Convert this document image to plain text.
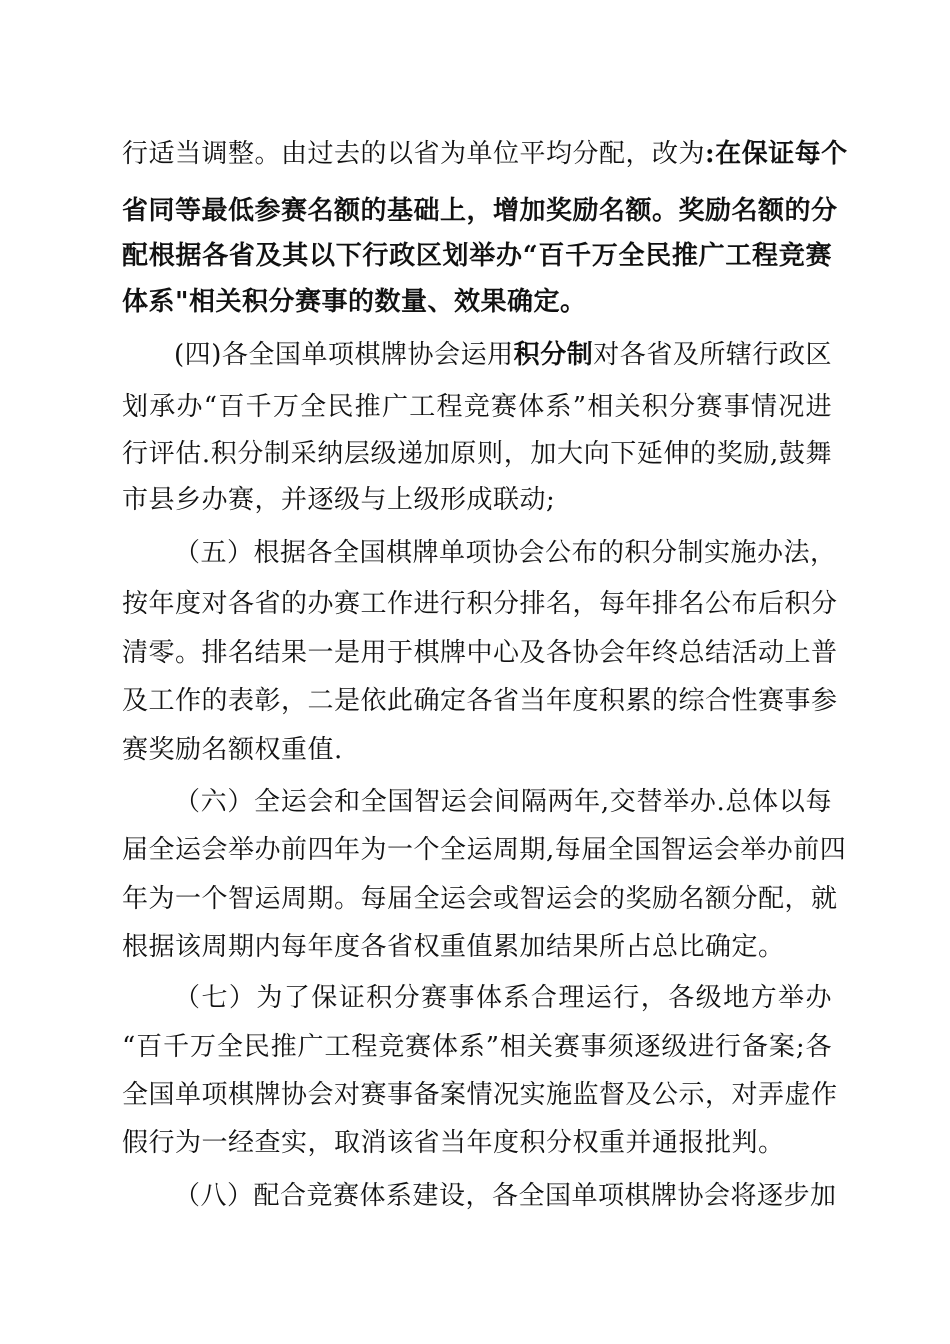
行适当调整。由过去的以省为单位平均分配，改为:在保证每个
省同等最低参赛名额的基础上，增加奖励名额。奖励名额的分
配根据各省及其以下行政区划举办“百千万全民推广工程竞赛
体系"相关积分赛事的数量、效果确定。
(四)各全国单项棋牌协会运用积分制对各省及所辖行政区
划承办“百千万全民推广工程竞赛体系”相关积分赛事情况进
行评估.积分制采纳层级递加原则，加大向下延伸的奖励,鼓舞
市县乡办赛，并逐级与上级形成联动;
（五）根据各全国棋牌单项协会公布的积分制实施办法，
按年度对各省的办赛工作进行积分排名，每年排名公布后积分
清零。排名结果一是用于棋牌中心及各协会年终总结活动上普
及工作的表彰，二是依此确定各省当年度积累的综合性赛事参
赛奖励名额权重值.
（六）全运会和全国智运会间隔两年,交替举办.总体以每
届全运会举办前四年为一个全运周期,每届全国智运会举办前四
年为一个智运周期。每届全运会或智运会的奖励名额分配，就
根据该周期内每年度各省权重值累加结果所占总比确定。
（七）为了保证积分赛事体系合理运行，各级地方举办
“百千万全民推广工程竞赛体系”相关赛事须逐级进行备案;各
全国单项棋牌协会对赛事备案情况实施监督及公示，对弄虚作
假行为一经查实，取消该省当年度积分权重并通报批判。
（八）配合竞赛体系建设，各全国单项棋牌协会将逐步加
